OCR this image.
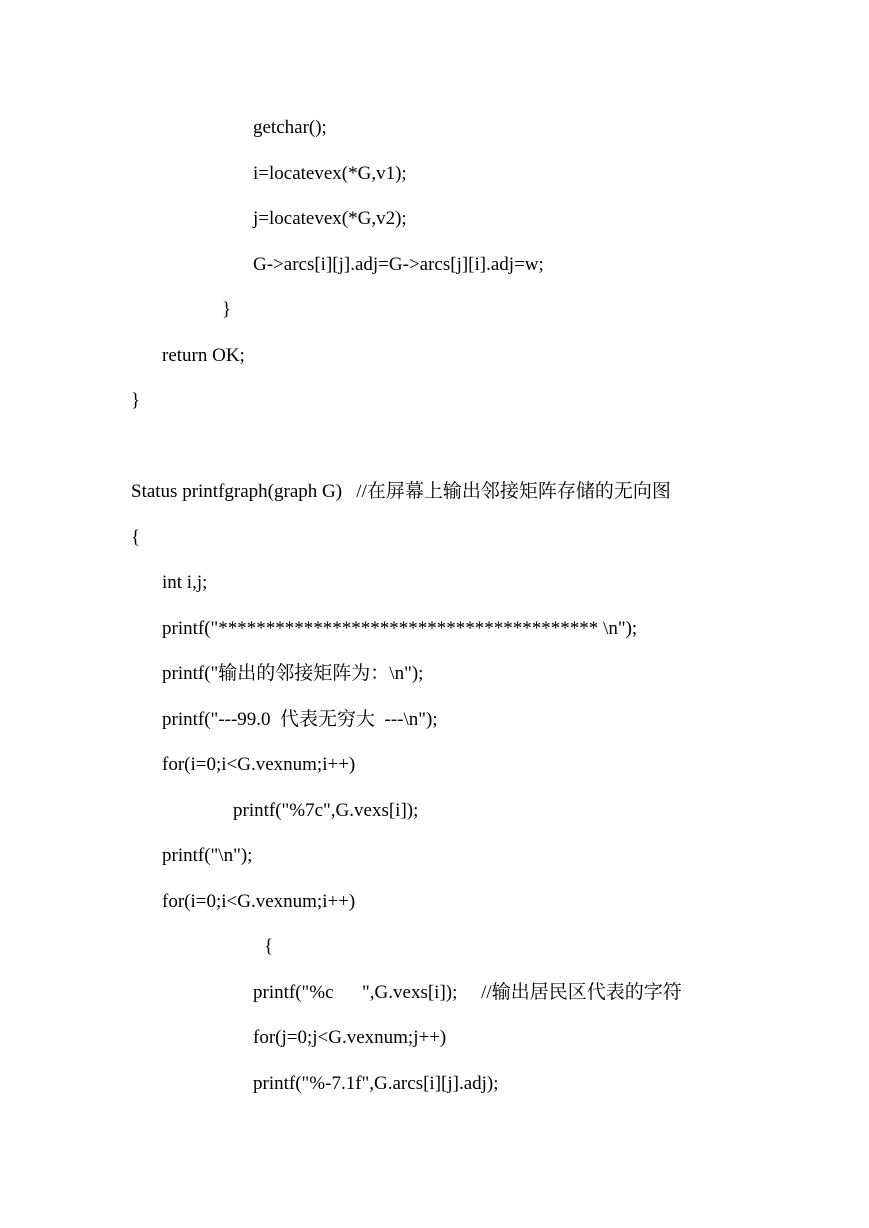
getchar();
i=locatevex(*G,v1);
j=locatevex(*G,v2);
G->arcs[i][j].adj=G->arcs[j][i].adj=w;
}
return OK;
}
Status printfgraph(graph G)   //在屏幕上输出邻接矩阵存储的无向图
{
int i,j;
printf("**************************************** \n");
printf("输出的邻接矩阵为：\n");
printf("---99.0  代表无穷大  ---\n");
for(i=0;i<G.vexnum;i++)
printf("%7c",G.vexs[i]);
printf("\n");
for(i=0;i<G.vexnum;i++)
{
printf("%c      ",G.vexs[i]);     //输出居民区代表的字符
for(j=0;j<G.vexnum;j++)
printf("%-7.1f",G.arcs[i][j].adj);
